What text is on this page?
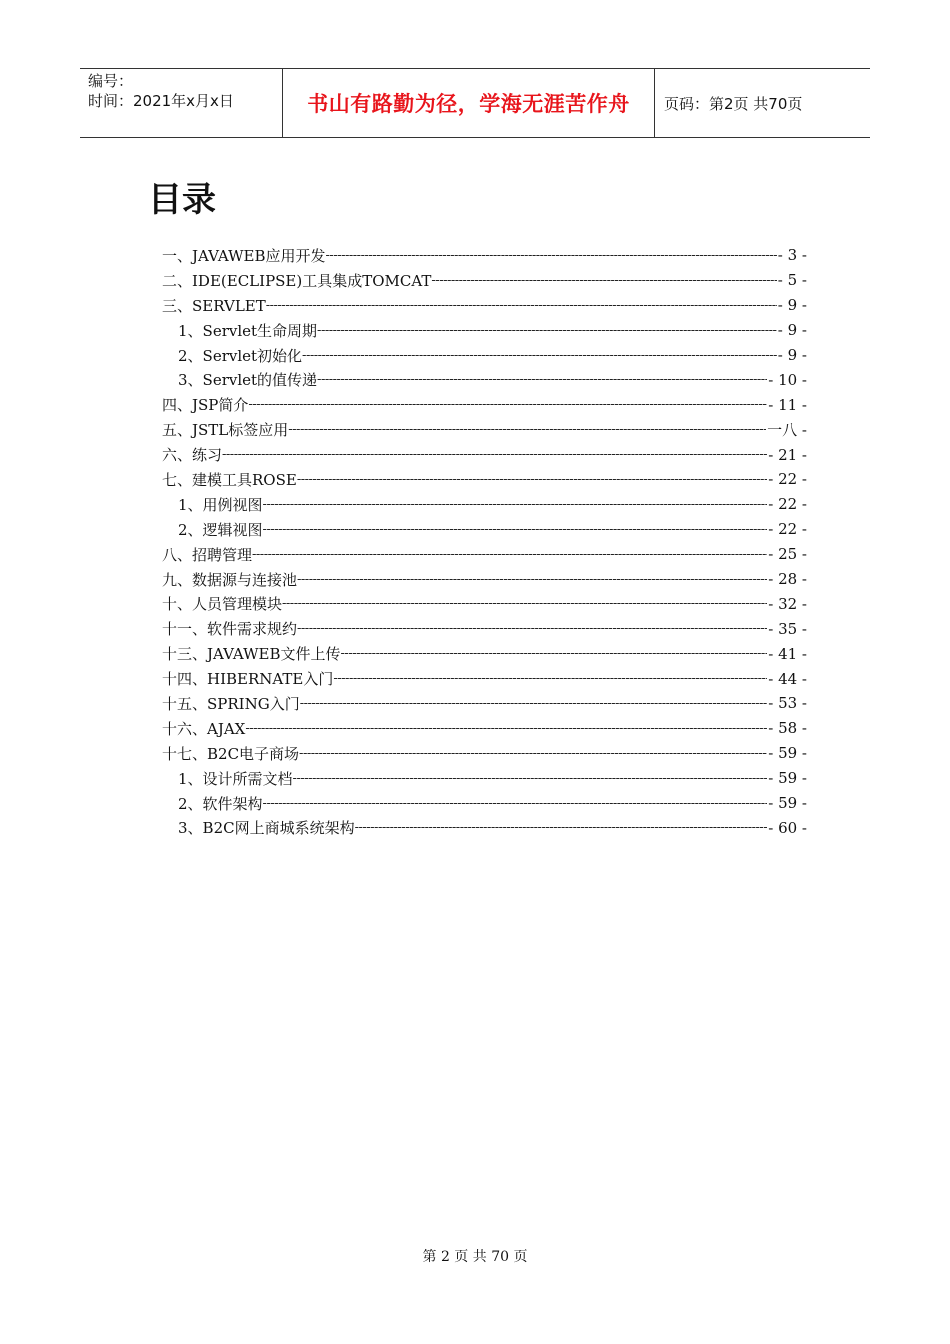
编号：
时间：2021年x月x日	书山有路勤为径，学海无涯苦作舟	页码：第2页 共70页
目录
一、JAVAWEB应用开发 -----	- 3 -
二、IDE(ECLIPSE)工具集成TOMCAT -----	- 5 -
三、SERVLET -----	- 9 -
1、Servlet生命周期 -----	- 9 -
2、Servlet初始化 -----	- 9 -
3、Servlet的值传递 -----	- 10 -
四、JSP简介 -----	- 11 -
五、JSTL标签应用 -----	一八 -
六、练习 -----	- 21 -
七、建模工具ROSE -----	- 22 -
1、用例视图 -----	- 22 -
2、逻辑视图 -----	- 22 -
八、招聘管理 -----	- 25 -
九、数据源与连接池 -----	- 28 -
十、人员管理模块 -----	- 32 -
十一、软件需求规约 -----	- 35 -
十三、JAVAWEB文件上传 -----	- 41 -
十四、HIBERNATE入门 -----	- 44 -
十五、SPRING入门 -----	- 53 -
十六、AJAX -----	- 58 -
十七、B2C电子商场 -----	- 59 -
1、设计所需文档 -----	- 59 -
2、软件架构 -----	- 59 -
3、B2C网上商城系统架构 -----	- 60 -
第 2 页 共 70 页
